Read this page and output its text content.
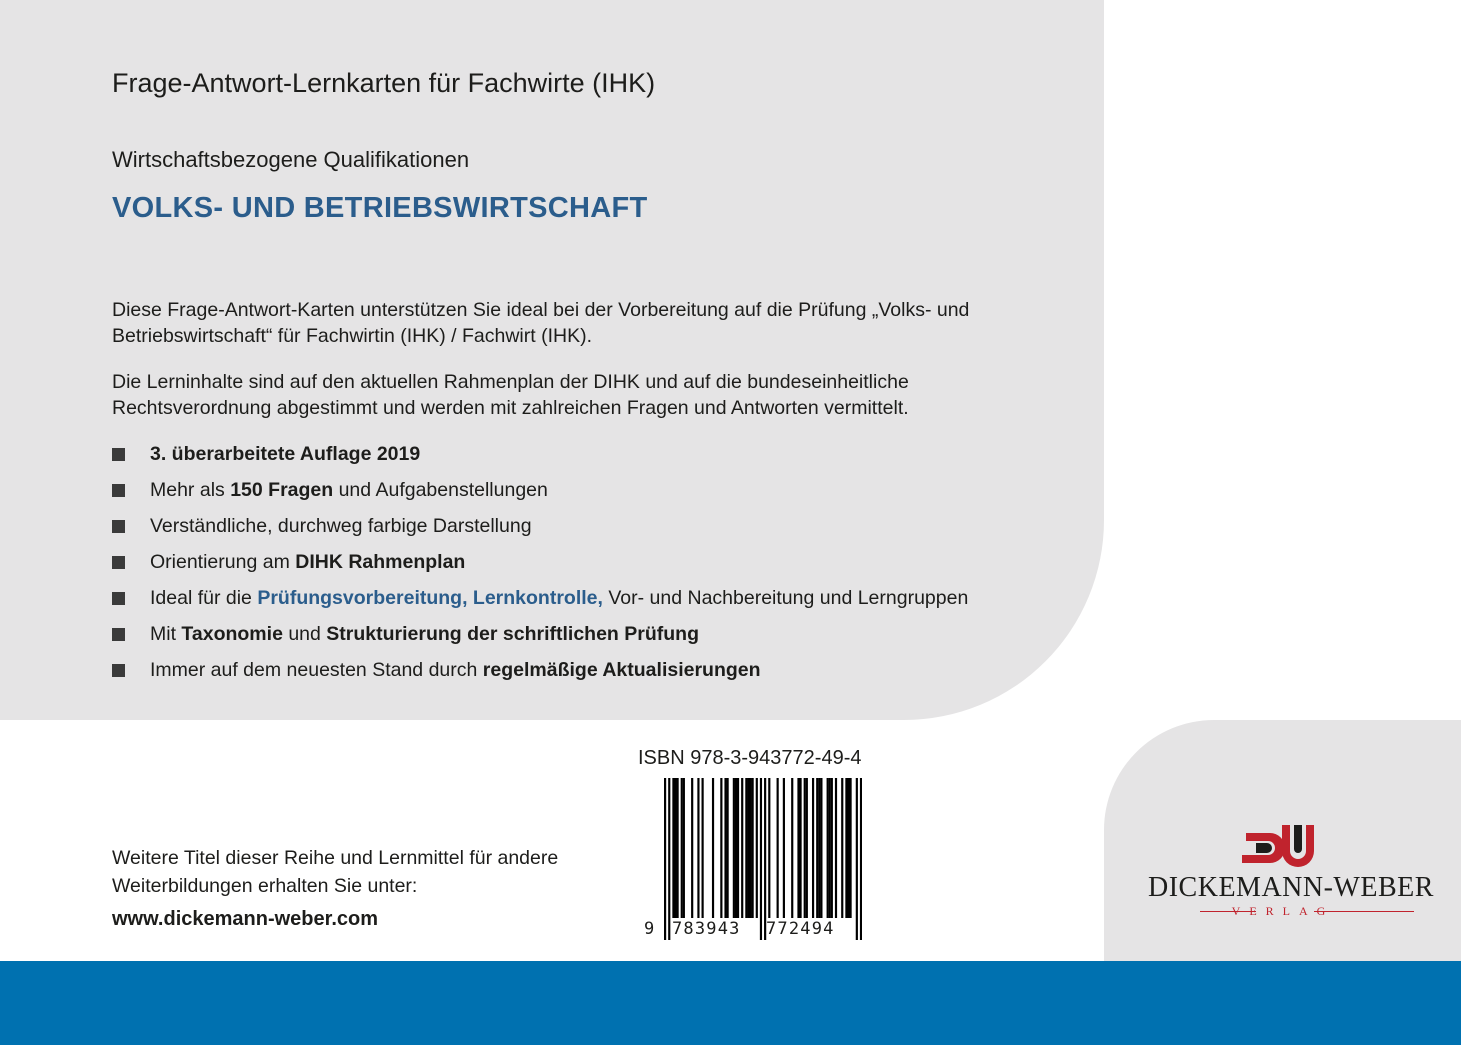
Frage-Antwort-Lernkarten für Fachwirte (IHK)
Wirtschaftsbezogene Qualifikationen
VOLKS- UND BETRIEBSWIRTSCHAFT
Diese Frage-Antwort-Karten unterstützen Sie ideal bei der Vorbereitung auf die Prüfung „Volks- und Betriebswirtschaft“ für Fachwirtin (IHK) / Fachwirt (IHK).
Die Lerninhalte sind auf den aktuellen Rahmenplan der DIHK und auf die bundeseinheitliche Rechtsverordnung abgestimmt und werden mit zahlreichen Fragen und Antworten vermittelt.
3. überarbeitete Auflage 2019
Mehr als 150 Fragen und Aufgabenstellungen
Verständliche, durchweg farbige Darstellung
Orientierung am DIHK Rahmenplan
Ideal für die Prüfungsvorbereitung, Lernkontrolle, Vor- und Nachbereitung und Lerngruppen
Mit Taxonomie und Strukturierung der schriftlichen Prüfung
Immer auf dem neuesten Stand durch regelmäßige Aktualisierungen
Weitere Titel dieser Reihe und Lernmittel für andere Weiterbildungen erhalten Sie unter:
www.dickemann-weber.com
ISBN 978-3-943772-49-4
9 783943 772494
DICKEMANN-WEBER
VERLAG
